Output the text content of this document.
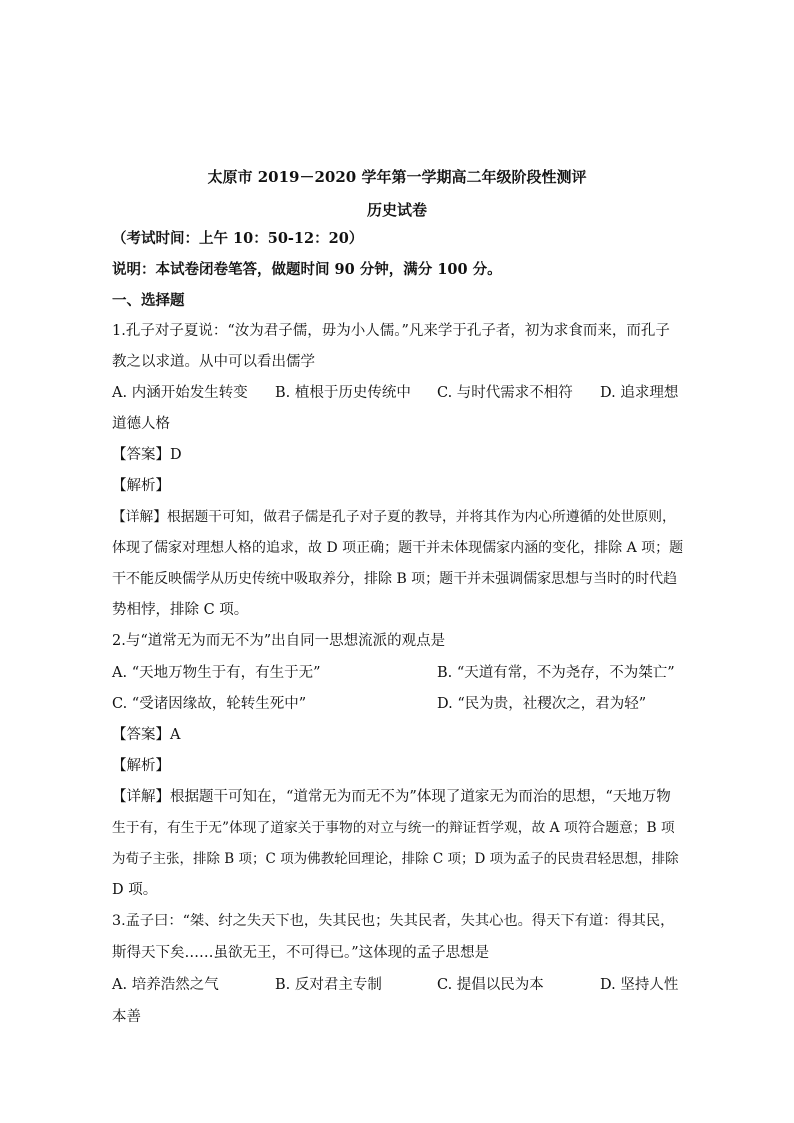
太原市 2019－2020 学年第一学期高二年级阶段性测评
历史试卷
（考试时间：上午 10：50-12：20）
说明：本试卷闭卷笔答，做题时间 90 分钟，满分 100 分。
一、选择题
1.孔子对子夏说：“汝为君子儒，毋为小人儒。”凡来学于孔子者，初为求食而来，而孔子
教之以求道。从中可以看出儒学
A. 内涵开始发生转变 B. 植根于历史传统中 C. 与时代需求不相符 D. 追求理想
道德人格
【答案】D
【解析】
【详解】根据题干可知，做君子儒是孔子对子夏的教导，并将其作为内心所遵循的处世原则，
体现了儒家对理想人格的追求，故 D 项正确；题干并未体现儒家内涵的变化，排除 A 项；题
干不能反映儒学从历史传统中吸取养分，排除 B 项；题干并未强调儒家思想与当时的时代趋
势相悖，排除 C 项。
2.与“道常无为而无不为”出自同一思想流派的观点是
A. “天地万物生于有，有生于无”	B. “天道有常，不为尧存，不为桀亡”
C. “受诸因缘故，轮转生死中”	D. “民为贵，社稷次之，君为轻”
【答案】A
【解析】
【详解】根据题干可知在，“道常无为而无不为”体现了道家无为而治的思想，“天地万物
生于有，有生于无”体现了道家关于事物的对立与统一的辩证哲学观，故 A 项符合题意；B 项
为荀子主张，排除 B 项；C 项为佛教轮回理论，排除 C 项；D 项为孟子的民贵君轻思想，排除
D 项。
3.孟子曰：“桀、纣之失天下也，失其民也；失其民者，失其心也。得天下有道：得其民，
斯得天下矣……虽欲无王，不可得已。”这体现的孟子思想是
A. 培养浩然之气	B. 反对君主专制	C. 提倡以民为本	D. 坚持人性
本善
